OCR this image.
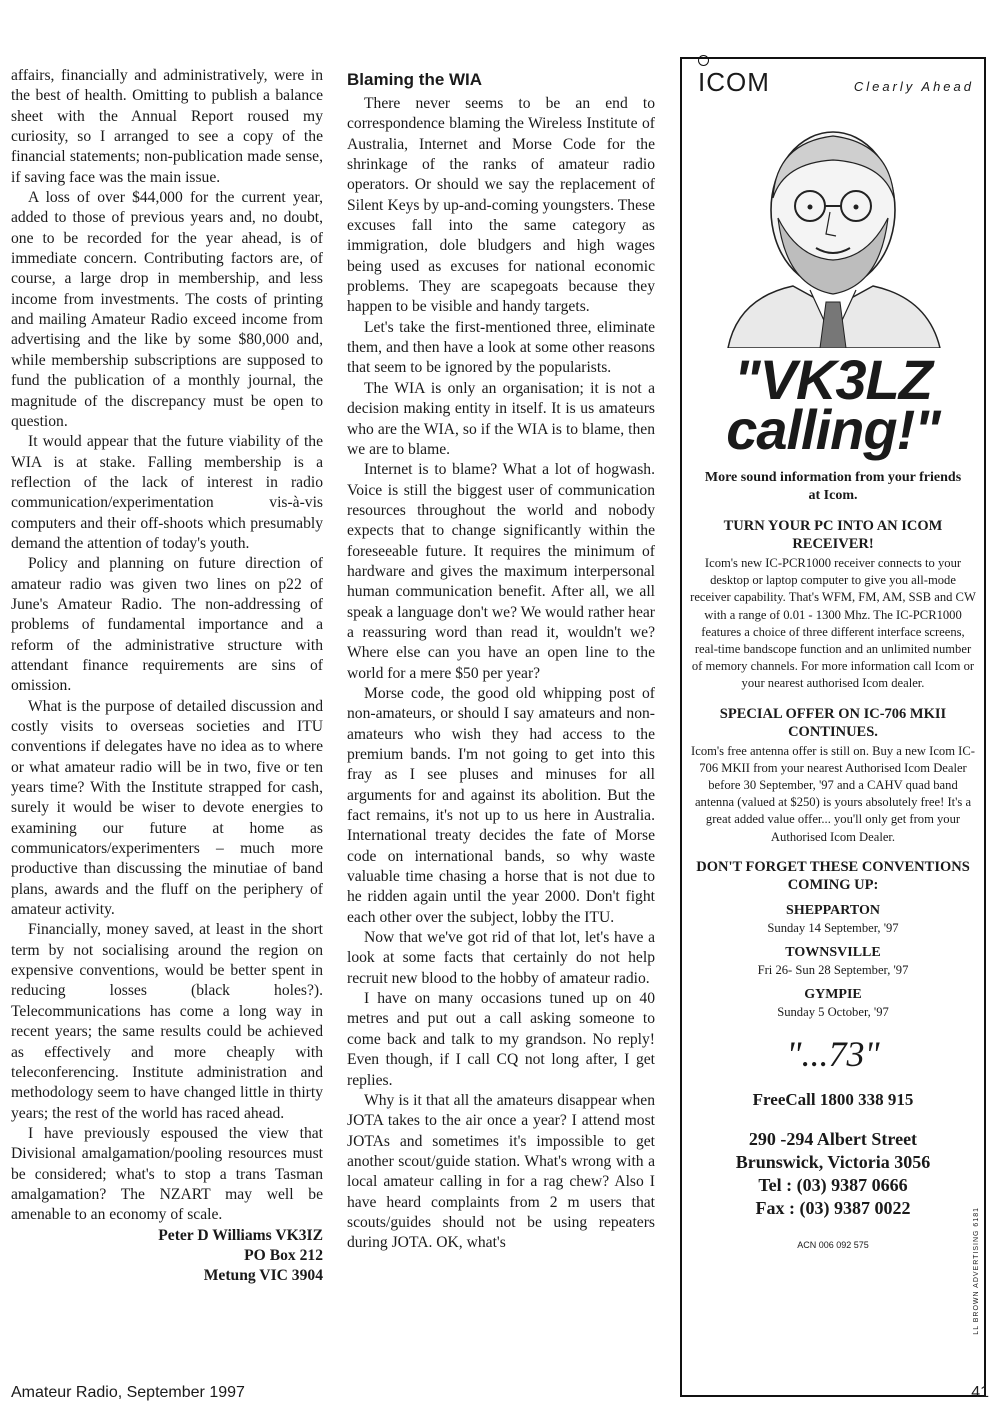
affairs, financially and administratively, were in the best of health. Omitting to publish a balance sheet with the Annual Report roused my curiosity, so I arranged to see a copy of the financial statements; non-publication made sense, if saving face was the main issue.

A loss of over $44,000 for the current year, added to those of previous years and, no doubt, one to be recorded for the year ahead, is of immediate concern. Contributing factors are, of course, a large drop in membership, and less income from investments. The costs of printing and mailing Amateur Radio exceed income from advertising and the like by some $80,000 and, while membership subscriptions are supposed to fund the publication of a monthly journal, the magnitude of the discrepancy must be open to question.

It would appear that the future viability of the WIA is at stake. Falling membership is a reflection of the lack of interest in radio communication/experimentation vis-à-vis computers and their off-shoots which presumably demand the attention of today's youth.

Policy and planning on future direction of amateur radio was given two lines on p22 of June's Amateur Radio. The non-addressing of problems of fundamental importance and a reform of the administrative structure with attendant finance requirements are sins of omission.

What is the purpose of detailed discussion and costly visits to overseas societies and ITU conventions if delegates have no idea as to where or what amateur radio will be in two, five or ten years time? With the Institute strapped for cash, surely it would be wiser to devote energies to examining our future at home as communicators/experimenters – much more productive than discussing the minutiae of band plans, awards and the fluff on the periphery of amateur activity.

Financially, money saved, at least in the short term by not socialising around the region on expensive conventions, would be better spent in reducing losses (black holes?). Telecommunications has come a long way in recent years; the same results could be achieved as effectively and more cheaply with teleconferencing. Institute administration and methodology seem to have changed little in thirty years; the rest of the world has raced ahead.

I have previously espoused the view that Divisional amalgamation/pooling resources must be considered; what's to stop a trans Tasman amalgamation? The NZART may well be amenable to an economy of scale.

Peter D Williams VK3IZ

PO Box 212

Metung VIC 3904

Blaming the WIA

There never seems to be an end to correspondence blaming the Wireless Institute of Australia, Internet and Morse Code for the shrinkage of the ranks of amateur radio operators. Or should we say the replacement of Silent Keys by up-and-coming youngsters. These excuses fall into the same category as immigration, dole bludgers and high wages being used as excuses for national economic problems. They are scapegoats because they happen to be visible and handy targets.

Let's take the first-mentioned three, eliminate them, and then have a look at some other reasons that seem to be ignored by the popularists.

The WIA is only an organisation; it is not a decision making entity in itself. It is us amateurs who are the WIA, so if the WIA is to blame, then we are to blame.

Internet is to blame? What a lot of hogwash. Voice is still the biggest user of communication resources throughout the world and nobody expects that to change significantly within the foreseeable future. It requires the minimum of hardware and gives the maximum interpersonal human communication benefit. After all, we all speak a language don't we? We would rather hear a reassuring word than read it, wouldn't we? Where else can you have an open line to the world for a mere $50 per year?

Morse code, the good old whipping post of non-amateurs, or should I say amateurs and non-amateurs who wish they had access to the premium bands. I'm not going to get into this fray as I see pluses and minuses for all arguments for and against its abolition. But the fact remains, it's not up to us here in Australia. International treaty decides the fate of Morse code on international bands, so why waste valuable time chasing a horse that is not due to he ridden again until the year 2000. Don't fight each other over the subject, lobby the ITU.

Now that we've got rid of that lot, let's have a look at some facts that certainly do not help recruit new blood to the hobby of amateur radio.

I have on many occasions tuned up on 40 metres and put out a call asking someone to come back and talk to my grandson. No reply! Even though, if I call CQ not long after, I get replies.

Why is it that all the amateurs disappear when JOTA takes to the air once a year? I attend most JOTAs and sometimes it's impossible to get another scout/guide station. What's wrong with a local amateur calling in for a rag chew? Also I have heard complaints from 2 m users that scouts/guides should not be using repeaters during JOTA. OK, what's

ICOM	Clearly Ahead
"VK3LZ
calling!"
More sound information from your friends at Icom.
TURN YOUR PC INTO AN ICOM RECEIVER!
Icom's new IC-PCR1000 receiver connects to your desktop or laptop computer to give you all-mode receiver capability. That's WFM, FM, AM, SSB and CW with a range of 0.01 - 1300 Mhz. The IC-PCR1000 features a choice of three different interface screens, real-time bandscope function and an unlimited number of memory channels. For more information call Icom or your nearest authorised Icom dealer.
SPECIAL OFFER ON IC-706 MKII CONTINUES.
Icom's free antenna offer is still on. Buy a new Icom IC-706 MKII from your nearest Authorised Icom Dealer before 30 September, '97 and a CAHV quad band antenna (valued at $250) is yours absolutely free! It's a great added value offer... you'll only get from your Authorised Icom Dealer.
DON'T FORGET THESE CONVENTIONS COMING UP:
SHEPPARTON
Sunday 14 September, '97
TOWNSVILLE
Fri 26- Sun 28 September, '97
GYMPIE
Sunday 5 October, '97
"...73"
FreeCall 1800 338 915
290 -294 Albert Street
Brunswick, Victoria 3056
Tel : (03) 9387 0666
Fax : (03) 9387 0022
ACN 006 092 575	LL BROWN ADVERTISING 6181
Amateur Radio, September 1997	41
